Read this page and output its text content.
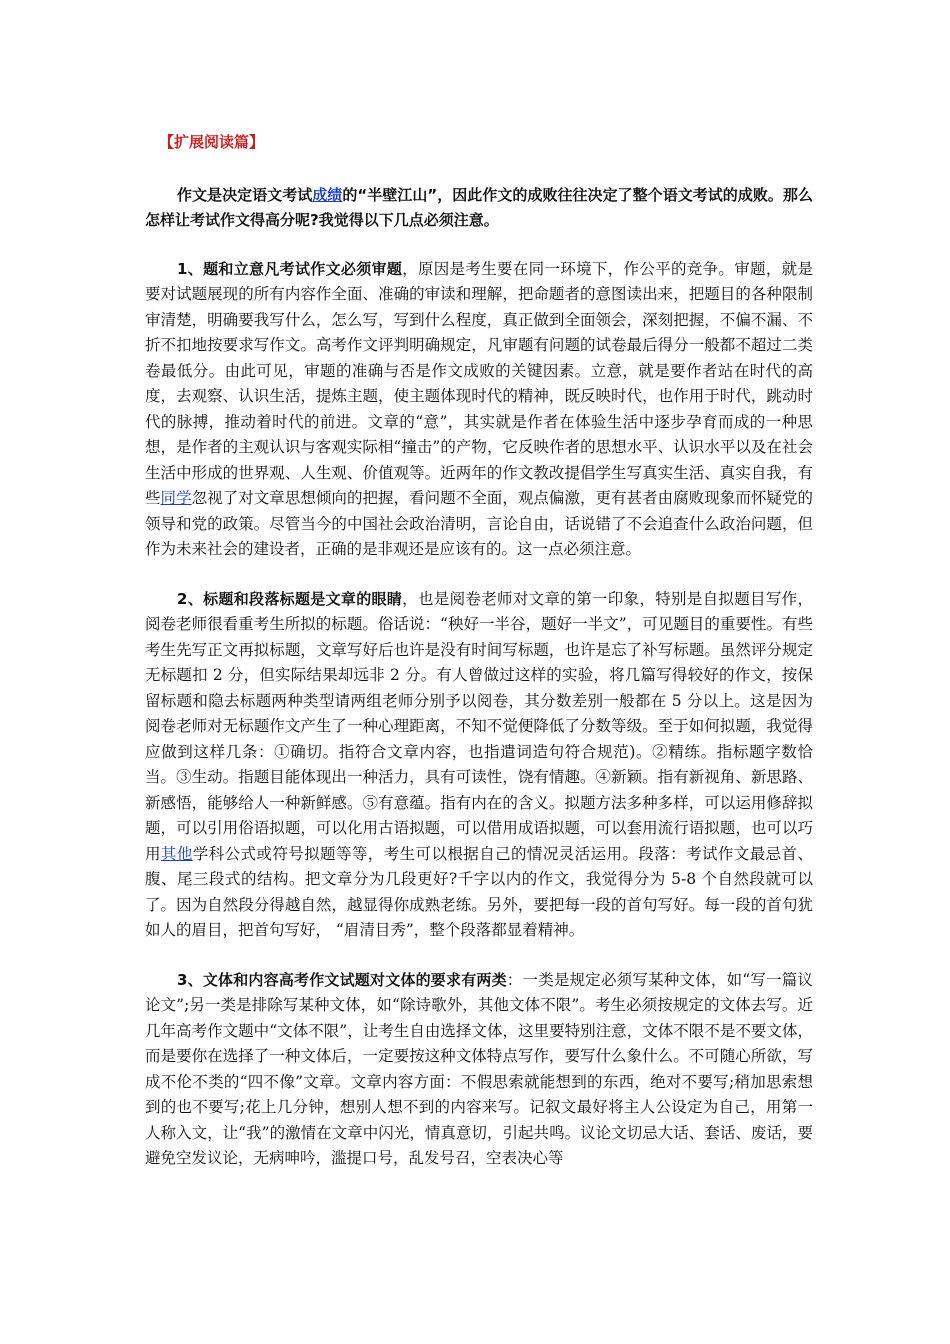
【扩展阅读篇】

作文是决定语文考试成绩的“半壁江山”，因此作文的成败往往决定了整个语文考试的成败。那么怎样让考试作文得高分呢?我觉得以下几点必须注意。

1、题和立意凡考试作文必须审题，原因是考生要在同一环境下，作公平的竞争。审题，就是要对试题展现的所有内容作全面、准确的审读和理解，把命题者的意图读出来，把题目的各种限制审清楚，明确要我写什么，怎么写，写到什么程度，真正做到全面领会，深刻把握，不偏不漏、不折不扣地按要求写作文。高考作文评判明确规定，凡审题有问题的试卷最后得分一般都不超过二类卷最低分。由此可见，审题的准确与否是作文成败的关键因素。立意，就是要作者站在时代的高度，去观察、认识生活，提炼主题，使主题体现时代的精神，既反映时代，也作用于时代，跳动时代的脉搏，推动着时代的前进。文章的“意”，其实就是作者在体验生活中逐步孕育而成的一种思想，是作者的主观认识与客观实际相“撞击”的产物，它反映作者的思想水平、认识水平以及在社会生活中形成的世界观、人生观、价值观等。近两年的作文教改提倡学生写真实生活、真实自我，有些同学忽视了对文章思想倾向的把握，看问题不全面，观点偏激，更有甚者由腐败现象而怀疑党的领导和党的政策。尽管当今的中国社会政治清明，言论自由，话说错了不会追查什么政治问题，但作为未来社会的建设者，正确的是非观还是应该有的。这一点必须注意。

2、标题和段落标题是文章的眼睛，也是阅卷老师对文章的第一印象，特别是自拟题目写作，阅卷老师很看重考生所拟的标题。俗话说：“秧好一半谷，题好一半文”，可见题目的重要性。有些考生先写正文再拟标题，文章写好后也许是没有时间写标题，也许是忘了补写标题。虽然评分规定无标题扣 2 分，但实际结果却远非 2 分。有人曾做过这样的实验，将几篇写得较好的作文，按保留标题和隐去标题两种类型请两组老师分别予以阅卷，其分数差别一般都在 5 分以上。这是因为阅卷老师对无标题作文产生了一种心理距离，不知不觉便降低了分数等级。至于如何拟题，我觉得应做到这样几条：①确切。指符合文章内容，也指遣词造句符合规范)。②精练。指标题字数恰当。③生动。指题目能体现出一种活力，具有可读性，饶有情趣。④新颖。指有新视角、新思路、新感悟，能够给人一种新鲜感。⑤有意蕴。指有内在的含义。拟题方法多种多样，可以运用修辞拟题，可以引用俗语拟题，可以化用古语拟题，可以借用成语拟题，可以套用流行语拟题，也可以巧用其他学科公式或符号拟题等等，考生可以根据自己的情况灵活运用。段落：考试作文最忌首、腹、尾三段式的结构。把文章分为几段更好?千字以内的作文，我觉得分为 5-8 个自然段就可以了。因为自然段分得越自然，越显得你成熟老练。另外，要把每一段的首句写好。每一段的首句犹如人的眉目，把首句写好， “眉清目秀”，整个段落都显着精神。

3、文体和内容高考作文试题对文体的要求有两类：一类是规定必须写某种文体，如“写一篇议论文”;另一类是排除写某种文体，如“除诗歌外，其他文体不限”。考生必须按规定的文体去写。近几年高考作文题中“文体不限”，让考生自由选择文体，这里要特别注意，文体不限不是不要文体，而是要你在选择了一种文体后，一定要按这种文体特点写作，要写什么象什么。不可随心所欲，写成不伦不类的“四不像”文章。文章内容方面：不假思索就能想到的东西，绝对不要写;稍加思索想到的也不要写;花上几分钟，想别人想不到的内容来写。记叙文最好将主人公设定为自己，用第一人称入文，让“我”的激情在文章中闪光，情真意切，引起共鸣。议论文切忌大话、套话、废话，要避免空发议论，无病呻吟，滥提口号，乱发号召，空表决心等
